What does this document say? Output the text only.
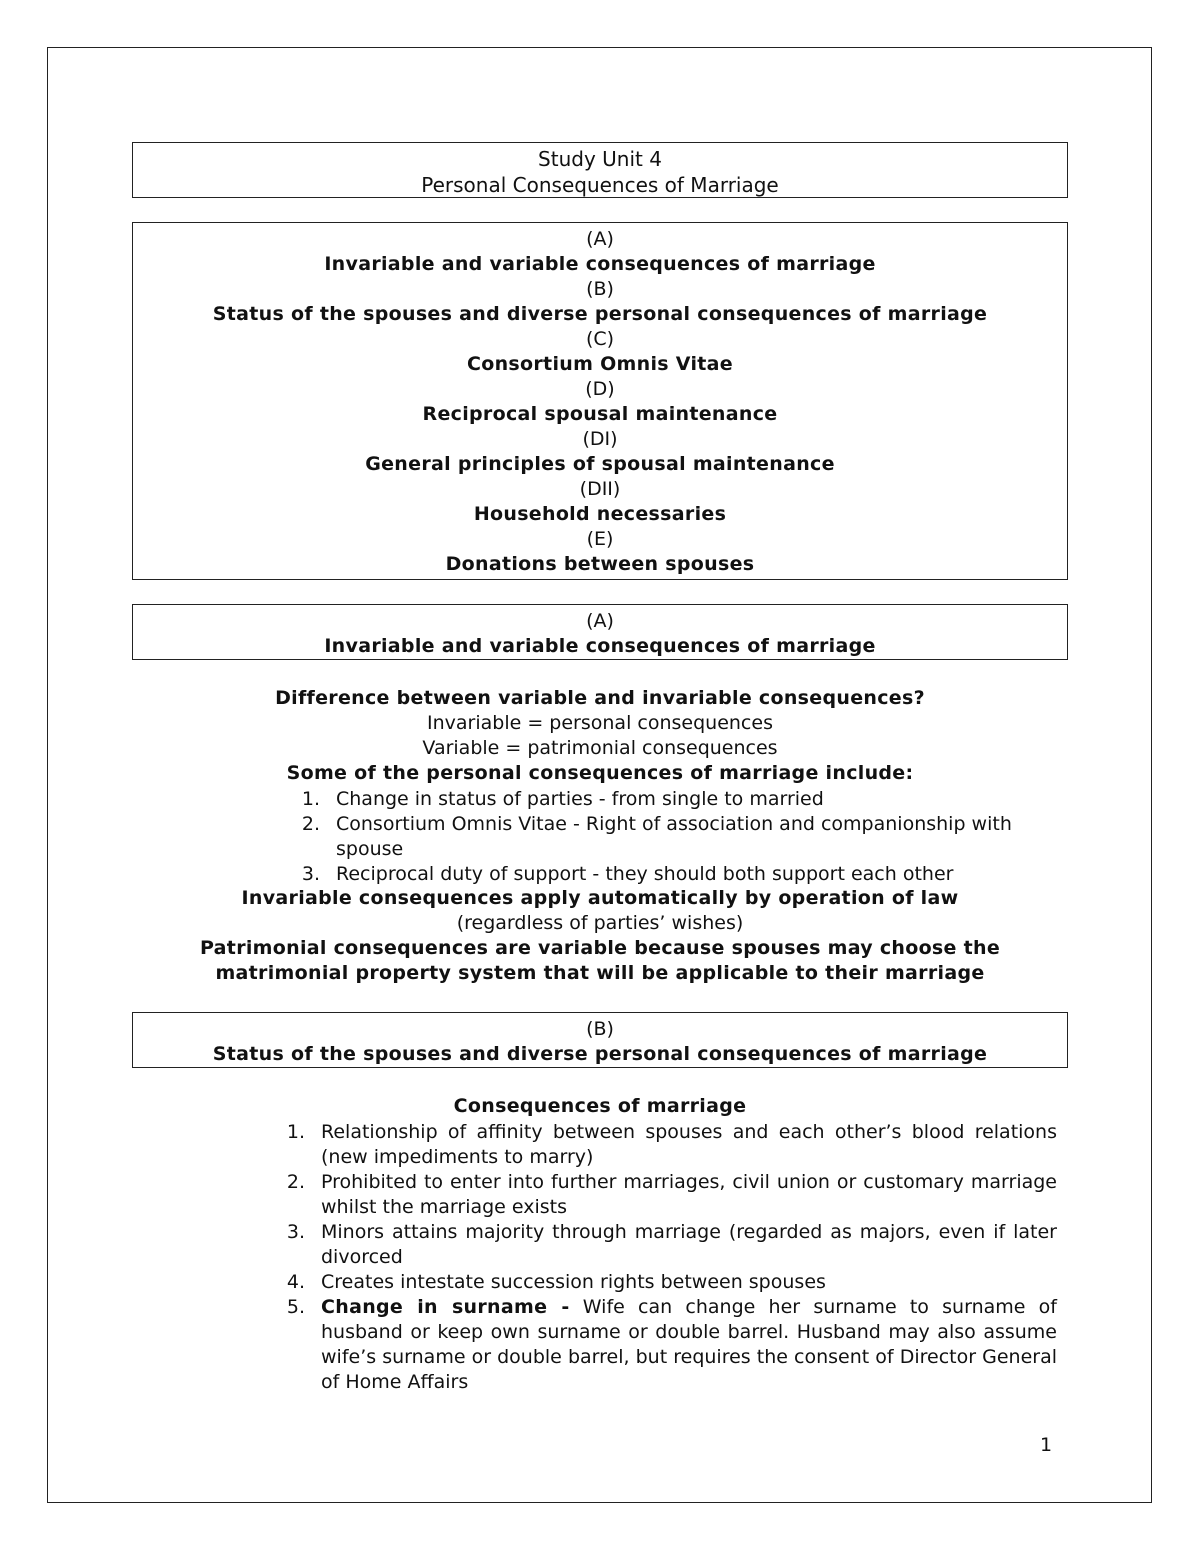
Study Unit 4
Personal Consequences of Marriage
(A)
Invariable and variable consequences of marriage
(B)
Status of the spouses and diverse personal consequences of marriage
(C)
Consortium Omnis Vitae
(D)
Reciprocal spousal maintenance
(DI)
General principles of spousal maintenance
(DII)
Household necessaries
(E)
Donations between spouses
(A)
Invariable and variable consequences of marriage
Difference between variable and invariable consequences?
Invariable = personal consequences
Variable = patrimonial consequences
Some of the personal consequences of marriage include:
1. Change in status of parties - from single to married
2. Consortium Omnis Vitae - Right of association and companionship with spouse
3. Reciprocal duty of support - they should both support each other
Invariable consequences apply automatically by operation of law
(regardless of parties’ wishes)
Patrimonial consequences are variable because spouses may choose the
matrimonial property system that will be applicable to their marriage
(B)
Status of the spouses and diverse personal consequences of marriage
Consequences of marriage
1. Relationship of affinity between spouses and each other’s blood relations (new impediments to marry)
2. Prohibited to enter into further marriages, civil union or customary marriage whilst the marriage exists
3. Minors attains majority through marriage (regarded as majors, even if later divorced
4. Creates intestate succession rights between spouses
5. Change in surname - Wife can change her surname to surname of husband or keep own surname or double barrel. Husband may also assume wife’s surname or double barrel, but requires the consent of Director General of Home Affairs
1
